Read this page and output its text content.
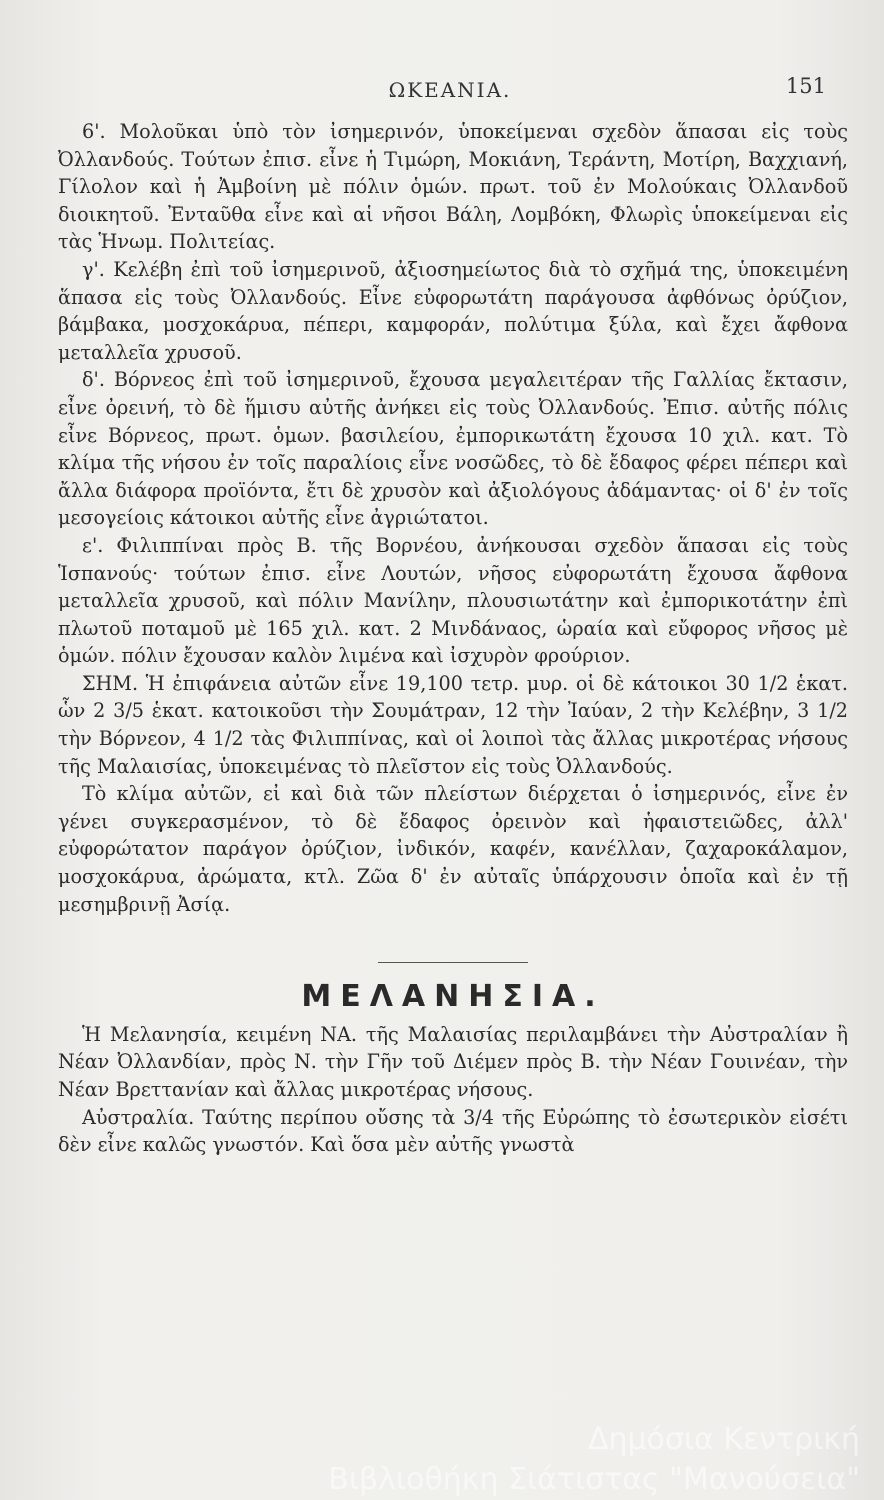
ΩΚΕΑΝΙΑ.	151

6'. Μολοῦκαι ὑπὸ τὸν ἰσημερινόν, ὑποκείμεναι σχεδὸν ἅπασαι εἰς τοὺς Ὀλλανδούς. Τούτων ἐπισ. εἶνε ἡ Τιμώρη, Μοκιάνη, Τεράντη, Μοτίρη, Βαχχιανή, Γίλολον καὶ ἡ Ἀμβοίνη μὲ πόλιν ὁμών. πρωτ. τοῦ ἐν Μολούκαις Ὀλλανδοῦ διοικητοῦ. Ἐνταῦθα εἶνε καὶ αἱ νῆσοι Βάλη, Λομβόκη, Φλωρὶς ὑποκείμεναι εἰς τὰς Ἡνωμ. Πολιτείας.

γ'. Κελέβη ἐπὶ τοῦ ἰσημερινοῦ, ἀξιοσημείωτος διὰ τὸ σχῆμά της, ὑποκειμένη ἅπασα εἰς τοὺς Ὀλλανδούς. Εἶνε εὐφορωτάτη παράγουσα ἀφθόνως ὀρύζιον, βάμβακα, μοσχοκάρυα, πέπερι, καμφοράν, πολύτιμα ξύλα, καὶ ἔχει ἄφθονα μεταλλεῖα χρυσοῦ.

δ'. Βόρνεος ἐπὶ τοῦ ἰσημερινοῦ, ἔχουσα μεγαλειτέραν τῆς Γαλλίας ἔκτασιν, εἶνε ὀρεινή, τὸ δὲ ἥμισυ αὐτῆς ἀνήκει εἰς τοὺς Ὀλλανδούς. Ἐπισ. αὐτῆς πόλις εἶνε Βόρνεος, πρωτ. ὁμων. βασιλείου, ἐμπορικωτάτη ἔχουσα 10 χιλ. κατ. Τὸ κλίμα τῆς νήσου ἐν τοῖς παραλίοις εἶνε νοσῶδες, τὸ δὲ ἔδαφος φέρει πέπερι καὶ ἄλλα διάφορα προϊόντα, ἔτι δὲ χρυσὸν καὶ ἀξιολόγους ἀδάμαντας· οἱ δ' ἐν τοῖς μεσογείοις κάτοικοι αὐτῆς εἶνε ἀγριώτατοι.

ε'. Φιλιππίναι πρὸς Β. τῆς Βορνέου, ἀνήκουσαι σχεδὸν ἅπασαι εἰς τοὺς Ἱσπανούς· τούτων ἐπισ. εἶνε Λουτών, νῆσος εὐφορωτάτη ἔχουσα ἄφθονα μεταλλεῖα χρυσοῦ, καὶ πόλιν Μανίλην, πλουσιωτάτην καὶ ἐμπορικοτάτην ἐπὶ πλωτοῦ ποταμοῦ μὲ 165 χιλ. κατ. 2 Μινδάναος, ὡραία καὶ εὔφορος νῆσος μὲ ὁμών. πόλιν ἔχουσαν καλὸν λιμένα καὶ ἰσχυρὸν φρούριον.

ΣΗΜ. Ἡ ἐπιφάνεια αὐτῶν εἶνε 19,100 τετρ. μυρ. οἱ δὲ κάτοικοι 30 1/2 ἑκατ. ὧν 2 3/5 ἑκατ. κατοικοῦσι τὴν Σουμάτραν, 12 τὴν Ἰαύαν, 2 τὴν Κελέβην, 3 1/2 τὴν Βόρνεον, 4 1/2 τὰς Φιλιππίνας, καὶ οἱ λοιποὶ τὰς ἄλλας μικροτέρας νήσους τῆς Μαλαισίας, ὑποκειμένας τὸ πλεῖστον εἰς τοὺς Ὀλλανδούς.

Τὸ κλίμα αὐτῶν, εἰ καὶ διὰ τῶν πλείστων διέρχεται ὁ ἰσημερινός, εἶνε ἐν γένει συγκερασμένον, τὸ δὲ ἔδαφος ὀρεινὸν καὶ ἡφαιστειῶδες, ἀλλ' εὐφορώτατον παράγον ὀρύζιον, ἰνδικόν, καφέν, κανέλλαν, ζαχαροκάλαμον, μοσχοκάρυα, ἀρώματα, κτλ. Ζῶα δ' ἐν αὐταῖς ὑπάρχουσιν ὁποῖα καὶ ἐν τῇ μεσημβρινῇ Ἀσίᾳ.

ΜΕΛΑΝΗΣΙΑ.

Ἡ Μελανησία, κειμένη ΝΑ. τῆς Μαλαισίας περιλαμβάνει τὴν Αὐστραλίαν ἢ Νέαν Ὀλλανδίαν, πρὸς Ν. τὴν Γῆν τοῦ Διέμεν πρὸς Β. τὴν Νέαν Γουινέαν, τὴν Νέαν Βρεττανίαν καὶ ἄλλας μικροτέρας νήσους.

Αὐστραλία. Ταύτης περίπου οὔσης τὰ 3/4 τῆς Εὐρώπης τὸ ἐσωτερικὸν εἰσέτι δὲν εἶνε καλῶς γνωστόν. Καὶ ὅσα μὲν αὐτῆς γνωστὰ

Δημόσια Κεντρική
Βιβλιοθήκη Σιάτιστας "Μανούσεια"
